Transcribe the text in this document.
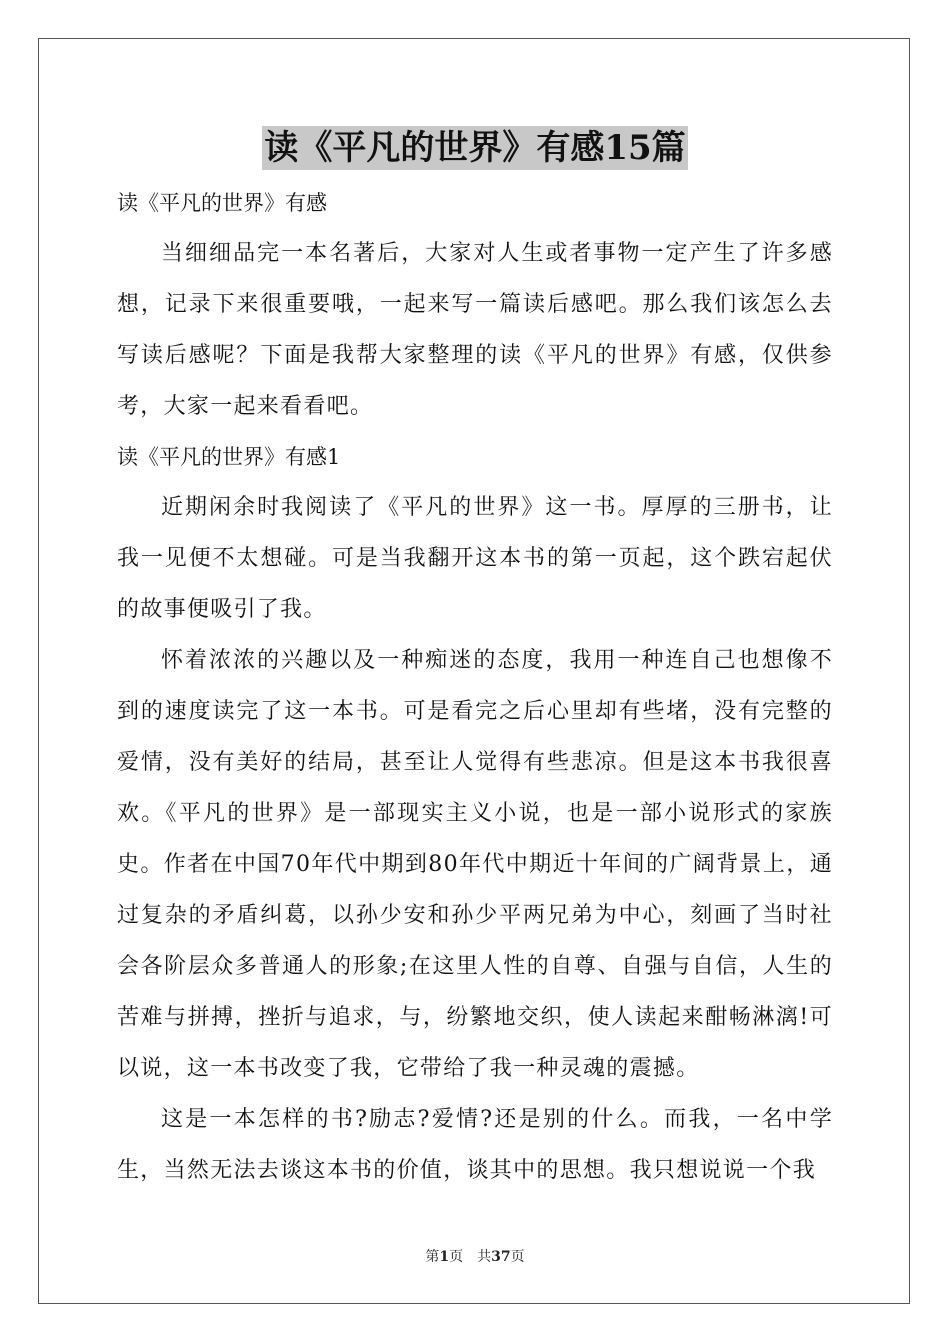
读《平凡的世界》有感15篇

读《平凡的世界》有感

当细细品完一本名著后，大家对人生或者事物一定产生了许多感想，记录下来很重要哦，一起来写一篇读后感吧。那么我们该怎么去写读后感呢？下面是我帮大家整理的读《平凡的世界》有感，仅供参考，大家一起来看看吧。

读《平凡的世界》有感1

近期闲余时我阅读了《平凡的世界》这一书。厚厚的三册书，让我一见便不太想碰。可是当我翻开这本书的第一页起，这个跌宕起伏的故事便吸引了我。

怀着浓浓的兴趣以及一种痴迷的态度，我用一种连自己也想像不到的速度读完了这一本书。可是看完之后心里却有些堵，没有完整的爱情，没有美好的结局，甚至让人觉得有些悲凉。但是这本书我很喜欢。《平凡的世界》是一部现实主义小说，也是一部小说形式的家族史。作者在中国70年代中期到80年代中期近十年间的广阔背景上，通过复杂的矛盾纠葛，以孙少安和孙少平两兄弟为中心，刻画了当时社会各阶层众多普通人的形象;在这里人性的自尊、自强与自信，人生的苦难与拼搏，挫折与追求，与，纷繁地交织，使人读起来酣畅淋漓!可以说，这一本书改变了我，它带给了我一种灵魂的震撼。

这是一本怎样的书?励志?爱情?还是别的什么。而我，一名中学生，当然无法去谈这本书的价值，谈其中的思想。我只想说说一个我

第1页 共37页
